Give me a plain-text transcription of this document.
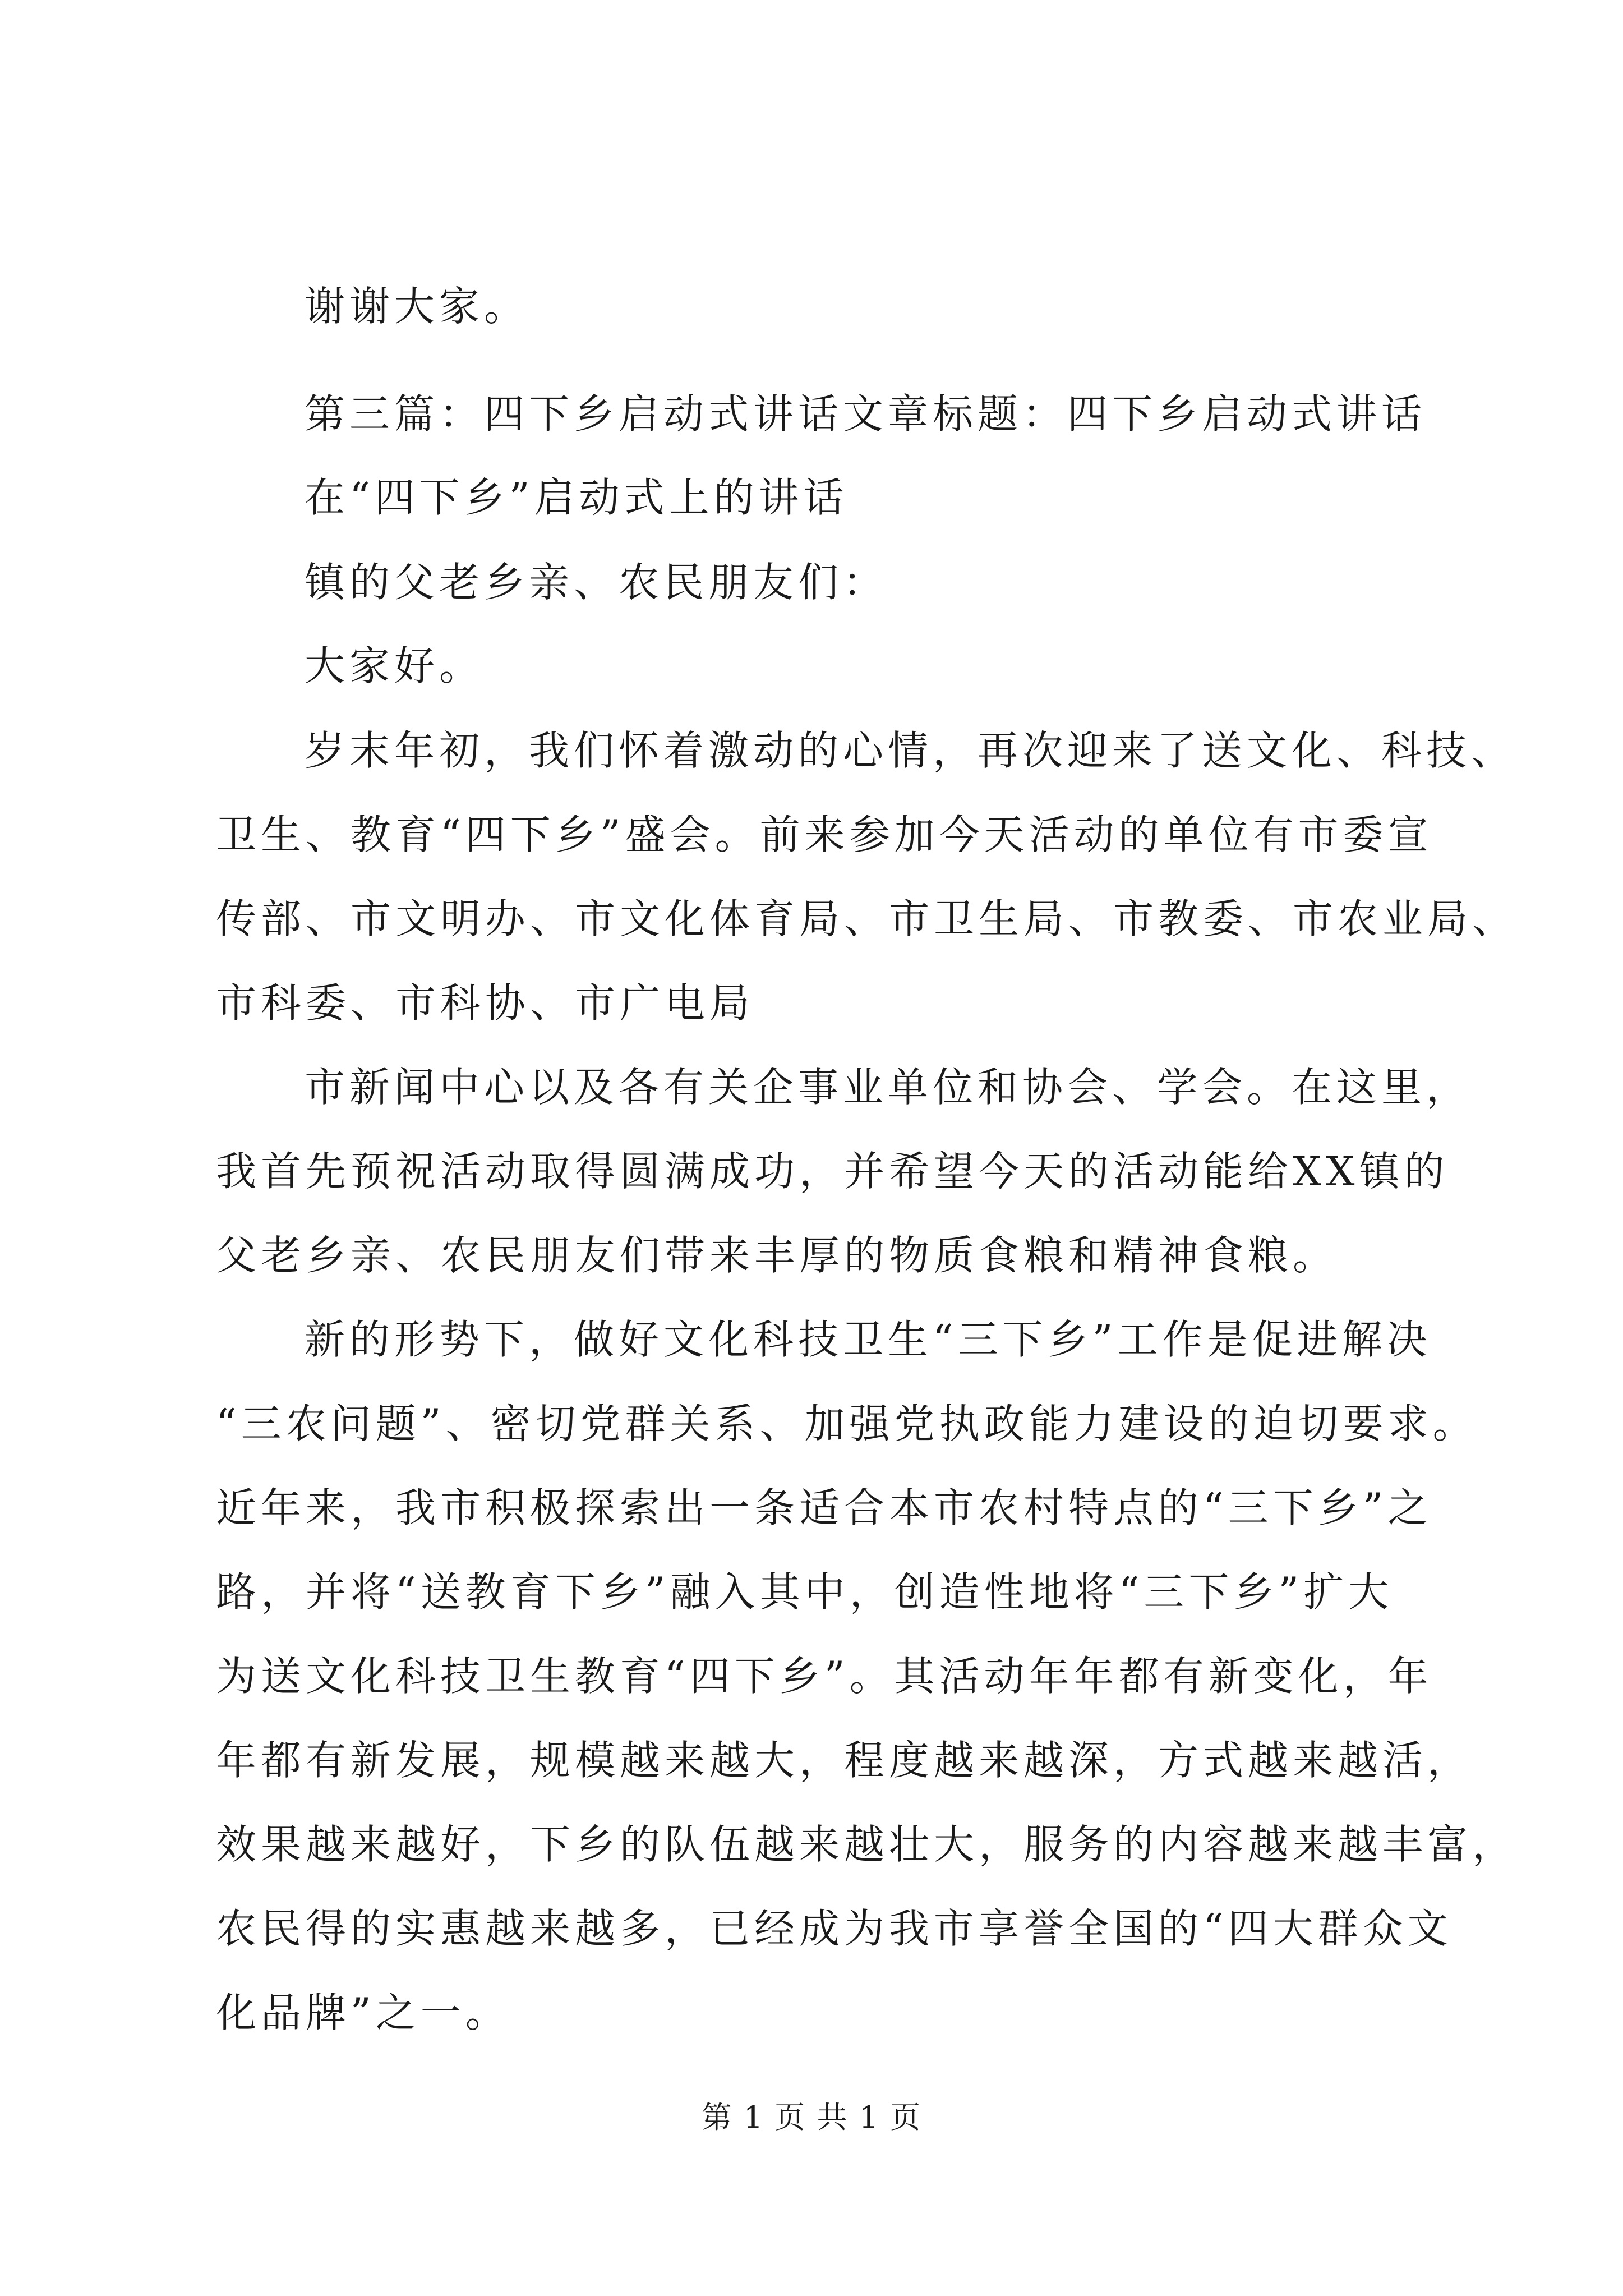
谢谢大家。

第三篇：四下乡启动式讲话文章标题：四下乡启动式讲话

在“四下乡”启动式上的讲话

镇的父老乡亲、农民朋友们：

大家好。

岁末年初，我们怀着激动的心情，再次迎来了送文化、科技、

卫生、教育“四下乡”盛会。前来参加今天活动的单位有市委宣

传部、市文明办、市文化体育局、市卫生局、市教委、市农业局、

市科委、市科协、市广电局

市新闻中心以及各有关企事业单位和协会、学会。在这里，

我首先预祝活动取得圆满成功，并希望今天的活动能给XX镇的

父老乡亲、农民朋友们带来丰厚的物质食粮和精神食粮。

新的形势下，做好文化科技卫生“三下乡”工作是促进解决

“三农问题”、密切党群关系、加强党执政能力建设的迫切要求。

近年来，我市积极探索出一条适合本市农村特点的“三下乡”之

路，并将“送教育下乡”融入其中，创造性地将“三下乡”扩大

为送文化科技卫生教育“四下乡”。其活动年年都有新变化，年

年都有新发展，规模越来越大，程度越来越深，方式越来越活，

效果越来越好，下乡的队伍越来越壮大，服务的内容越来越丰富，

农民得的实惠越来越多，已经成为我市享誉全国的“四大群众文

化品牌”之一。

第 1 页 共 1 页
